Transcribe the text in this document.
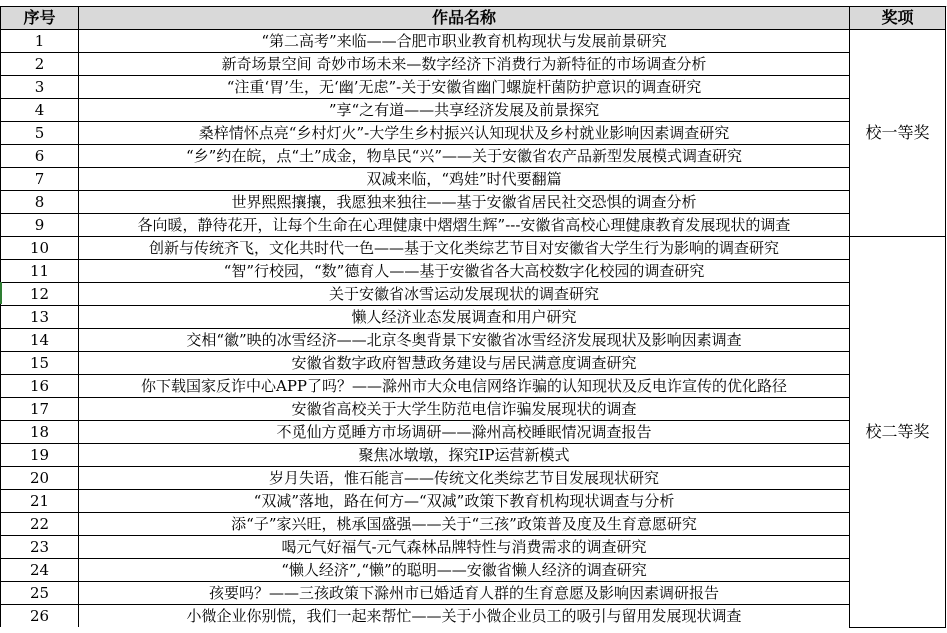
序号	作品名称	奖项
1	“第二高考”来临——合肥市职业教育机构现状与发展前景研究	校一等奖
2	新奇场景空间 奇妙市场未来—数字经济下消费行为新特征的市场调查分析	
3	“注重‘胃’生，无‘幽’无虑”-关于安徽省幽门螺旋杆菌防护意识的调查研究	
4	”享“之有道——共享经济发展及前景探究	
5	桑梓情怀点亮“乡村灯火”-大学生乡村振兴认知现状及乡村就业影响因素调查研究	
6	“乡”约在皖，点“土”成金，物阜民“兴”——关于安徽省农产品新型发展模式调查研究	
7	双减来临，“鸡娃”时代要翻篇	
8	世界熙熙攘攘，我愿独来独往——基于安徽省居民社交恐惧的调查分析	
9	各向暖，静待花开，让每个生命在心理健康中熠熠生辉”---安徽省高校心理健康教育发展现状的调查	
10	创新与传统齐飞，文化共时代一色——基于文化类综艺节目对安徽省大学生行为影响的调查研究	校二等奖
11	“智”行校园，“数”德育人——基于安徽省各大高校数字化校园的调查研究	
12	关于安徽省冰雪运动发展现状的调查研究	
13	懒人经济业态发展调查和用户研究	
14	交相“徽”映的冰雪经济——北京冬奥背景下安徽省冰雪经济发展现状及影响因素调查	
15	安徽省数字政府智慧政务建设与居民满意度调查研究	
16	你下载国家反诈中心APP了吗？——滁州市大众电信网络诈骗的认知现状及反电诈宣传的优化路径	
17	安徽省高校关于大学生防范电信诈骗发展现状的调查	
18	不觅仙方觅睡方市场调研——滁州高校睡眠情况调查报告	
19	聚焦冰墩墩，探究IP运营新模式	
20	岁月失语，惟石能言——传统文化类综艺节目发展现状研究	
21	“双减”落地，路在何方—“双减”政策下教育机构现状调查与分析	
22	添“子”家兴旺，桃承国盛强——关于“三孩”政策普及度及生育意愿研究	
23	喝元气好福气-元气森林品牌特性与消费需求的调查研究	
24	“懒人经济”,“懒”的聪明——安徽省懒人经济的调查研究	
25	孩要吗？——三孩政策下滁州市已婚适育人群的生育意愿及影响因素调研报告	
26	小微企业你别慌，我们一起来帮忙——关于小微企业员工的吸引与留用发展现状调查	
